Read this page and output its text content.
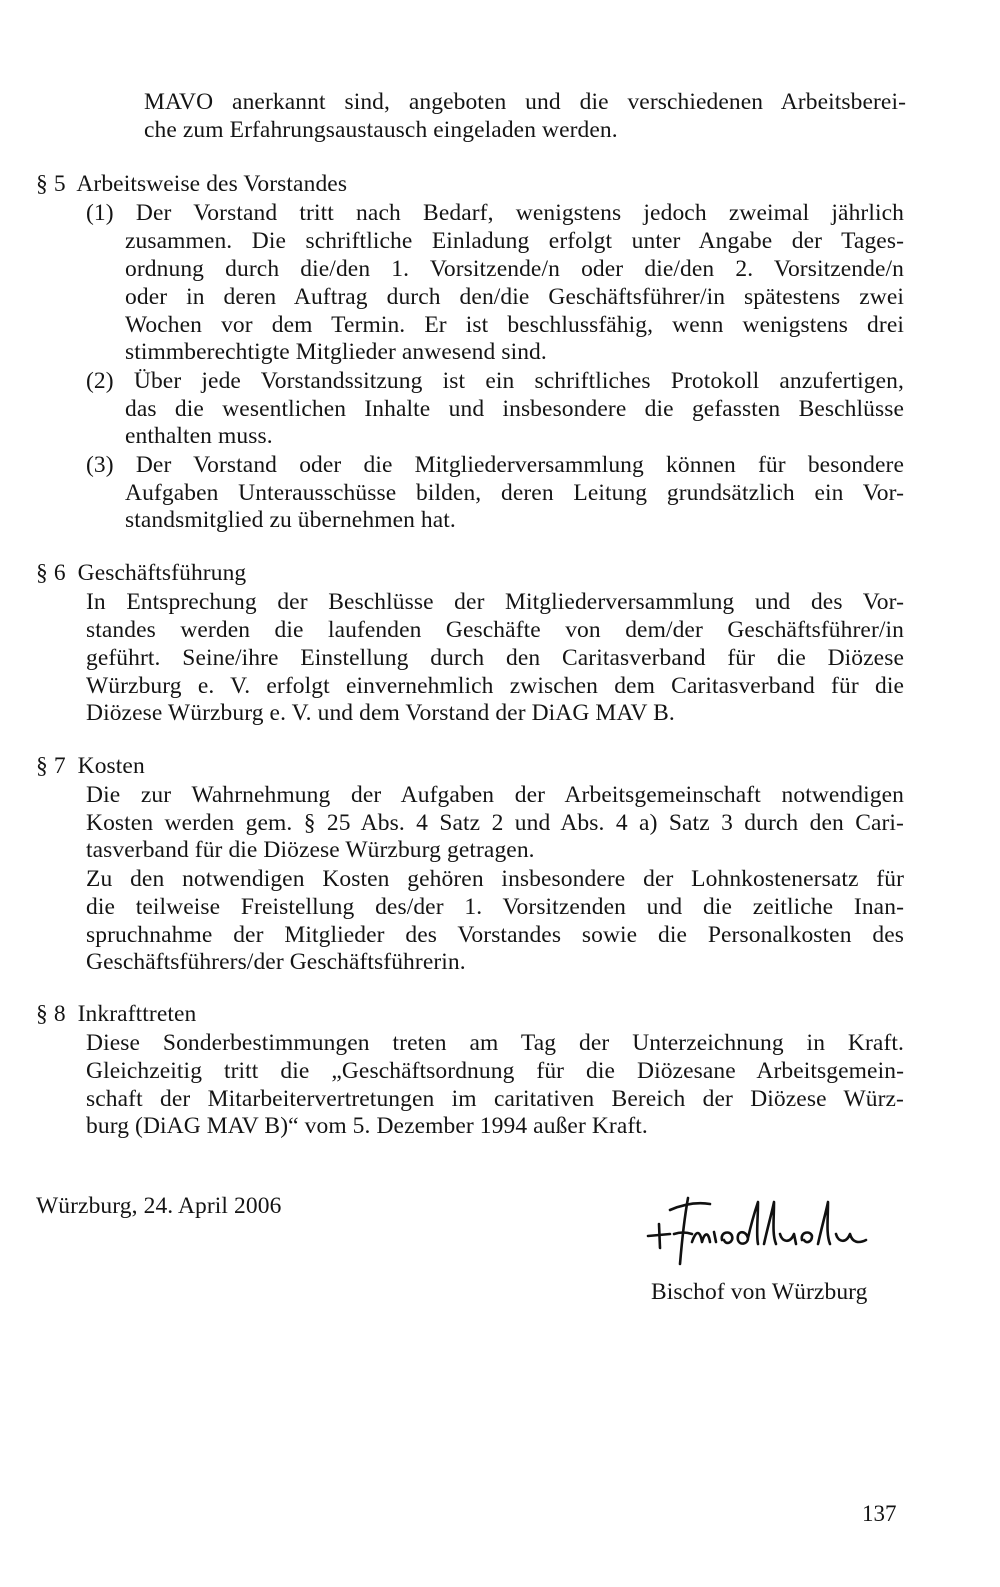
MAVO anerkannt sind, angeboten und die verschiedenen Arbeitsberei-
che zum Erfahrungsaustausch eingeladen werden.
§ 5  Arbeitsweise des Vorstandes
(1) Der Vorstand tritt nach Bedarf, wenigstens jedoch zweimal jährlich
zusammen. Die schriftliche Einladung erfolgt unter Angabe der Tages-
ordnung durch die/den 1. Vorsitzende/n oder die/den 2. Vorsitzende/n
oder in deren Auftrag durch den/die Geschäftsführer/in spätestens zwei
Wochen vor dem Termin. Er ist beschlussfähig, wenn wenigstens drei
stimmberechtigte Mitglieder anwesend sind.
(2) Über jede Vorstandssitzung ist ein schriftliches Protokoll anzufertigen,
das die wesentlichen Inhalte und insbesondere die gefassten Beschlüsse
enthalten muss.
(3) Der Vorstand oder die Mitgliederversammlung können für besondere
Aufgaben Unterausschüsse bilden, deren Leitung grundsätzlich ein Vor-
standsmitglied zu übernehmen hat.
§ 6  Geschäftsführung
In Entsprechung der Beschlüsse der Mitgliederversammlung und des Vor-
standes werden die laufenden Geschäfte von dem/der Geschäftsführer/in
geführt. Seine/ihre Einstellung durch den Caritasverband für die Diözese
Würzburg e. V. erfolgt einvernehmlich zwischen dem Caritasverband für die
Diözese Würzburg e. V. und dem Vorstand der DiAG MAV B.
§ 7  Kosten
Die zur Wahrnehmung der Aufgaben der Arbeitsgemeinschaft notwendigen
Kosten werden gem. § 25 Abs. 4 Satz 2 und Abs. 4 a) Satz 3 durch den Cari-
tasverband für die Diözese Würzburg getragen.
Zu den notwendigen Kosten gehören insbesondere der Lohnkostenersatz für
die teilweise Freistellung des/der 1. Vorsitzenden und die zeitliche Inan-
spruchnahme der Mitglieder des Vorstandes sowie die Personalkosten des
Geschäftsführers/der Geschäftsführerin.
§ 8  Inkrafttreten
Diese Sonderbestimmungen treten am Tag der Unterzeichnung in Kraft.
Gleichzeitig tritt die „Geschäftsordnung für die Diözesane Arbeitsgemein-
schaft der Mitarbeitervertretungen im caritativen Bereich der Diözese Würz-
burg (DiAG MAV B)“ vom 5. Dezember 1994 außer Kraft.
Würzburg, 24. April 2006
Bischof von Würzburg
137
